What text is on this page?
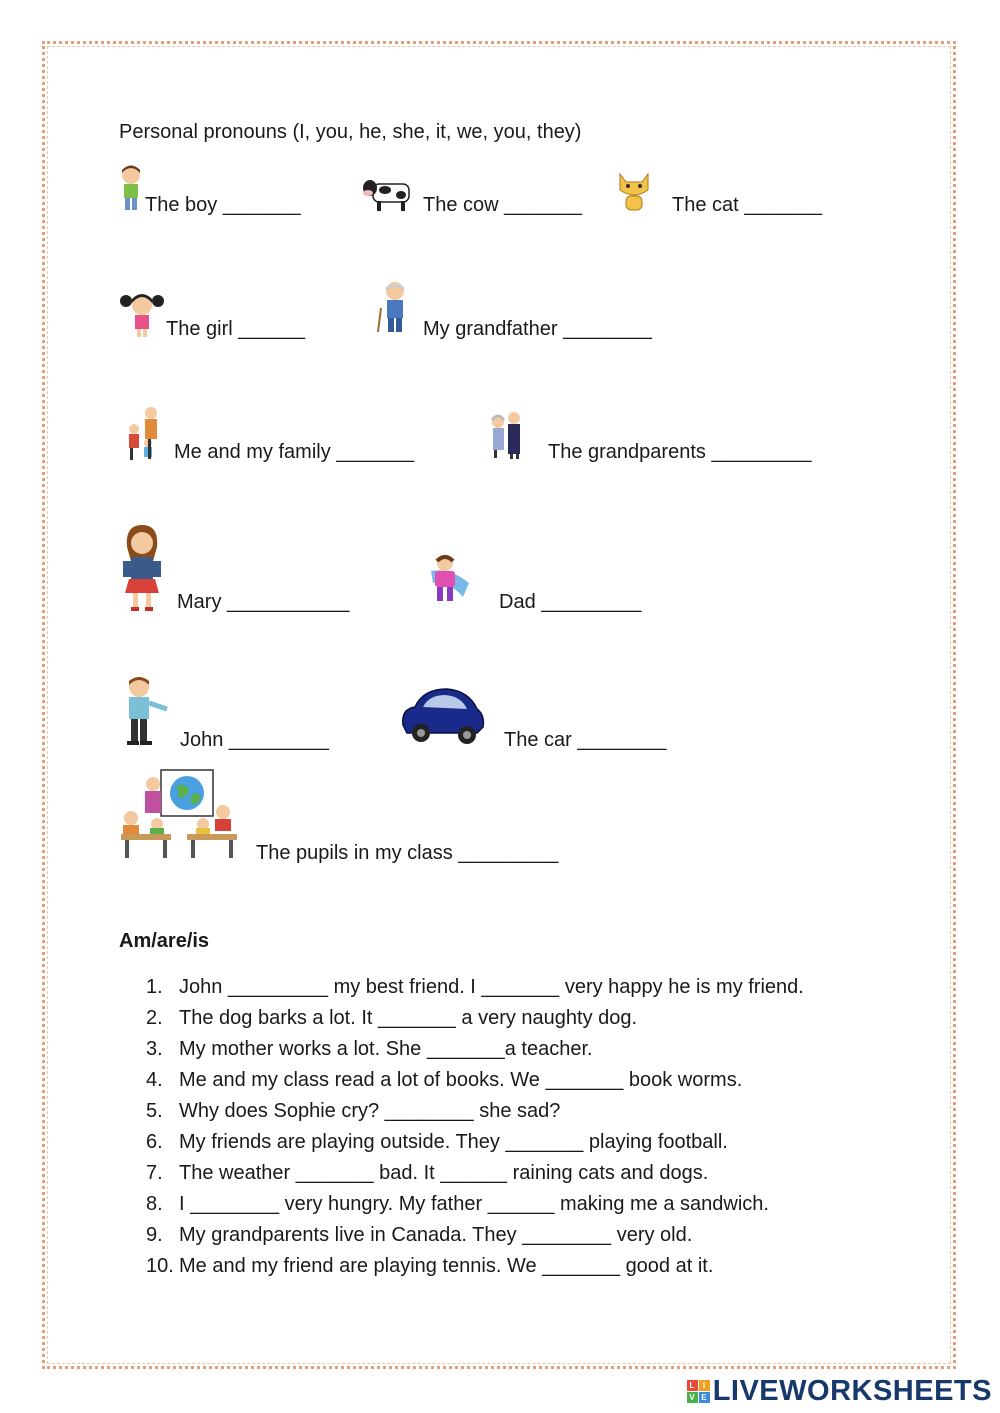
Personal pronouns (I, you, he, she, it, we, you, they)
The boy _______	The cow _______	The cat _______
The girl ______	My grandfather ________
Me and my family _______	The grandparents _________
Mary ___________	Dad _________
John _________	The car ________
The pupils in my class _________
Am/are/is
1. John _________ my best friend. I _______ very happy he is my friend.
2. The dog barks a lot. It _______ a very naughty dog.
3. My mother works a lot. She _______a teacher.
4. Me and my class read a lot of books. We _______ book worms.
5. Why does Sophie cry? ________ she sad?
6. My friends are playing outside. They _______ playing football.
7. The weather _______ bad. It ______ raining cats and dogs.
8. I ________ very hungry. My father ______ making me a sandwich.
9. My grandparents live in Canada. They ________ very old.
10. Me and my friend are playing tennis. We _______ good at it.
L I
V E LIVEWORKSHEETS
